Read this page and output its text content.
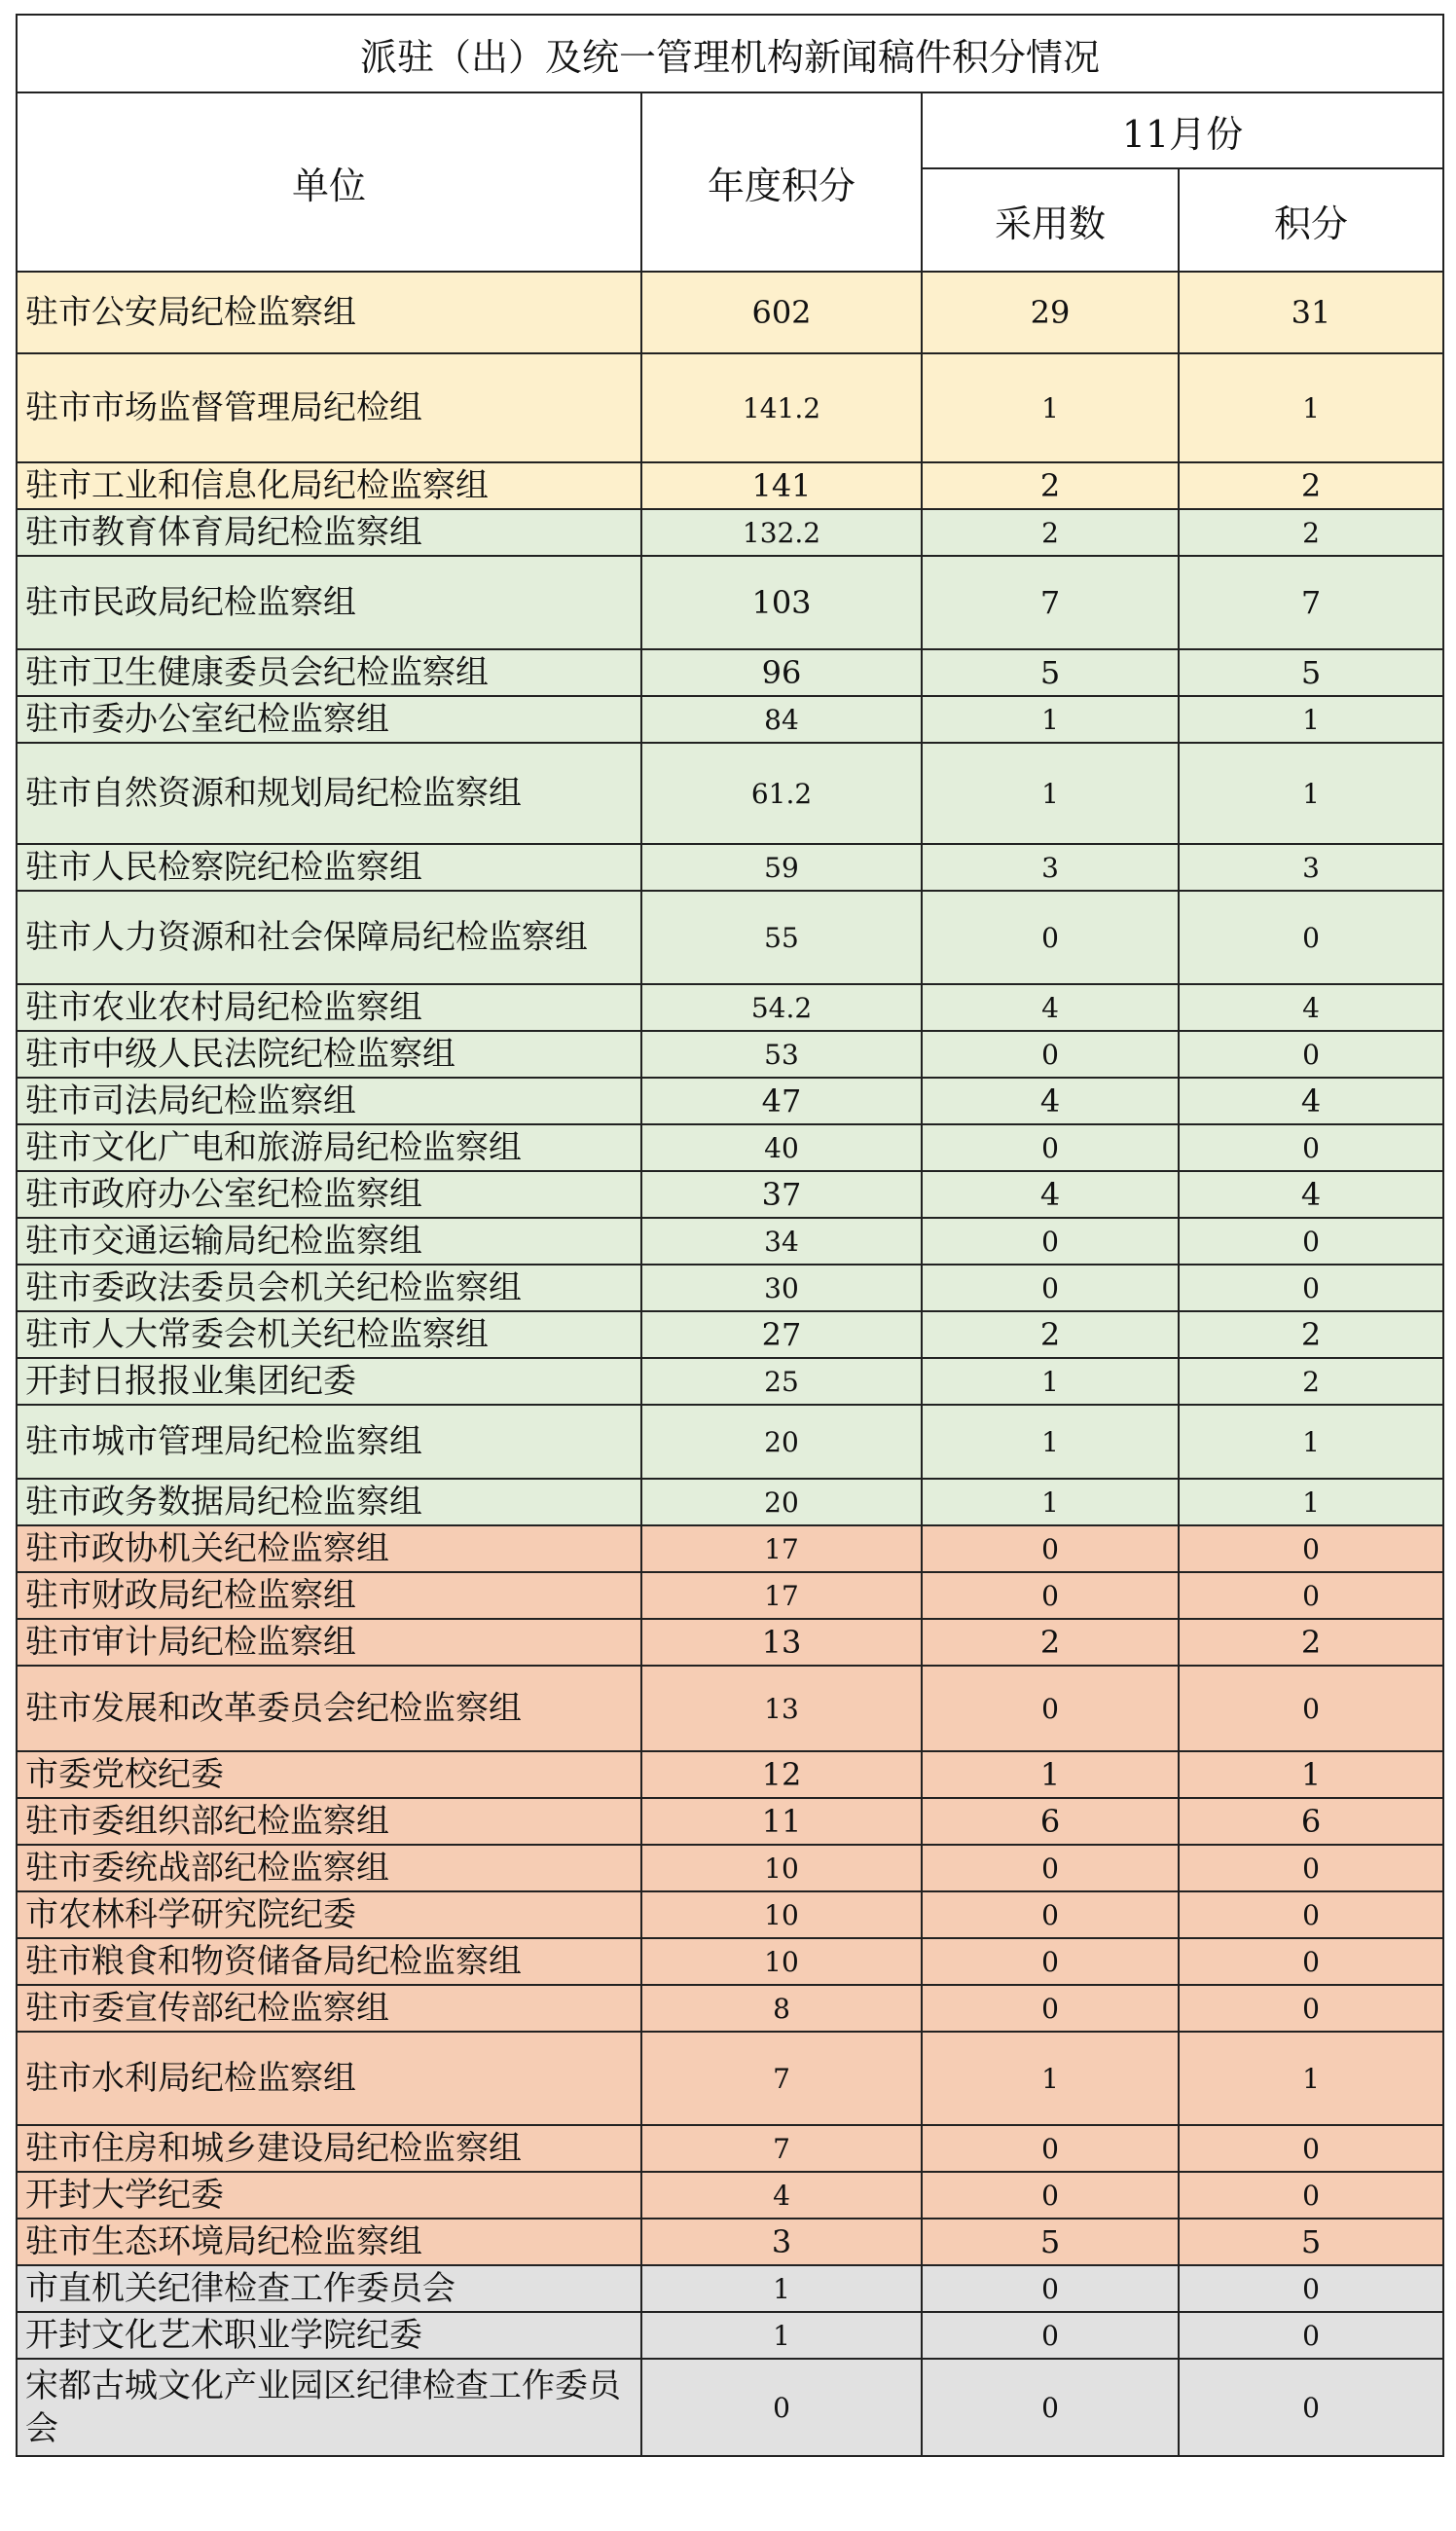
派驻（出）及统一管理机构新闻稿件积分情况			
单位	年度积分	11月份	
		采用数	积分
驻市公安局纪检监察组	602	29	31
驻市市场监督管理局纪检组	141.2	1	1
驻市工业和信息化局纪检监察组	141	2	2
驻市教育体育局纪检监察组	132.2	2	2
驻市民政局纪检监察组	103	7	7
驻市卫生健康委员会纪检监察组	96	5	5
驻市委办公室纪检监察组	84	1	1
驻市自然资源和规划局纪检监察组	61.2	1	1
驻市人民检察院纪检监察组	59	3	3
驻市人力资源和社会保障局纪检监察组	55	0	0
驻市农业农村局纪检监察组	54.2	4	4
驻市中级人民法院纪检监察组	53	0	0
驻市司法局纪检监察组	47	4	4
驻市文化广电和旅游局纪检监察组	40	0	0
驻市政府办公室纪检监察组	37	4	4
驻市交通运输局纪检监察组	34	0	0
驻市委政法委员会机关纪检监察组	30	0	0
驻市人大常委会机关纪检监察组	27	2	2
开封日报报业集团纪委	25	1	2
驻市城市管理局纪检监察组	20	1	1
驻市政务数据局纪检监察组	20	1	1
驻市政协机关纪检监察组	17	0	0
驻市财政局纪检监察组	17	0	0
驻市审计局纪检监察组	13	2	2
驻市发展和改革委员会纪检监察组	13	0	0
市委党校纪委	12	1	1
驻市委组织部纪检监察组	11	6	6
驻市委统战部纪检监察组	10	0	0
市农林科学研究院纪委	10	0	0
驻市粮食和物资储备局纪检监察组	10	0	0
驻市委宣传部纪检监察组	8	0	0
驻市水利局纪检监察组	7	1	1
驻市住房和城乡建设局纪检监察组	7	0	0
开封大学纪委	4	0	0
驻市生态环境局纪检监察组	3	5	5
市直机关纪律检查工作委员会	1	0	0
开封文化艺术职业学院纪委	1	0	0
宋都古城文化产业园区纪律检查工作委员会	0	0	0
